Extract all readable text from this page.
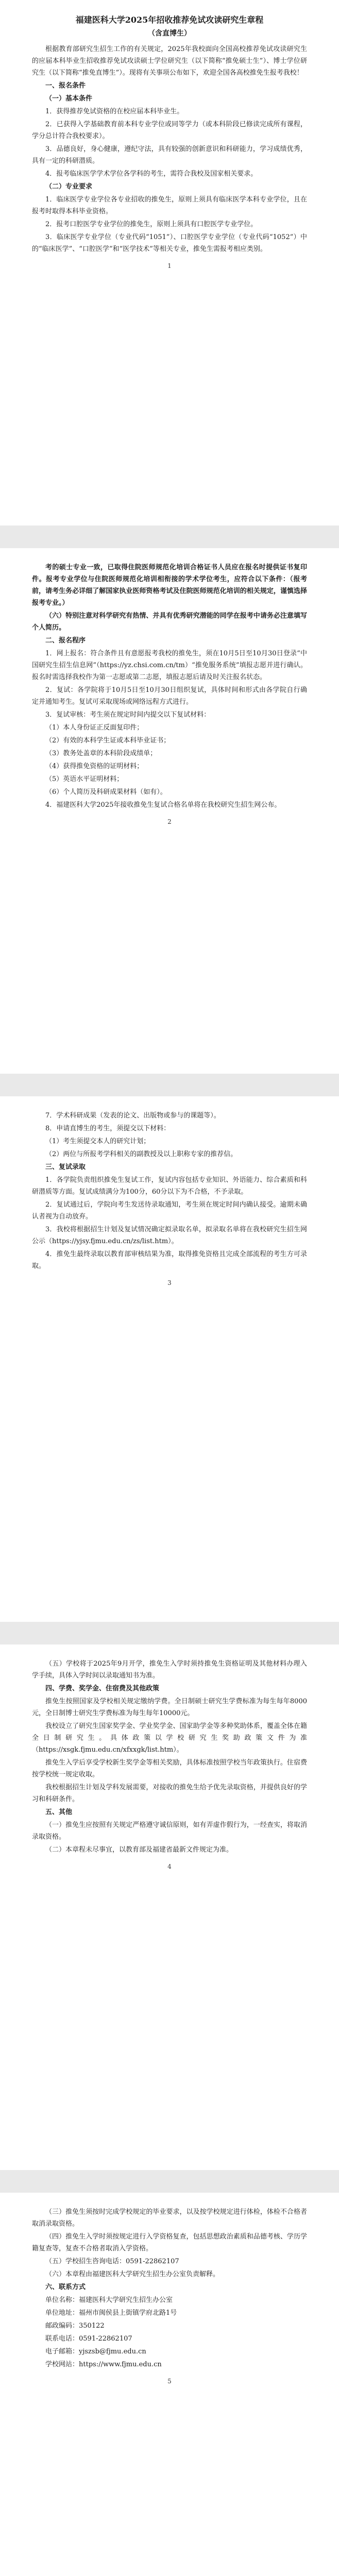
福建医科大学2025年招收推荐免试攻读研究生章程
（含直博生）

根据教育部研究生招生工作的有关规定，2025年我校面向全国高校推荐免试攻读研究生的应届本科毕业生招收推荐免试攻读硕士学位研究生（以下简称“推免硕士生”）、博士学位研究生（以下简称“推免直博生”）。现将有关事项公布如下，欢迎全国各高校推免生报考我校！

一、报名条件
（一）基本条件

1．获得推荐免试资格的在校应届本科毕业生。

2．已获得入学基础教育前本科专业学位或同等学力（或本科阶段已修读完成所有课程，学分总计符合我校要求）。

3．品德良好，身心健康，遵纪守法，具有较强的创新意识和科研能力，学习成绩优秀，具有一定的科研潜质。

4．报考临床医学学术学位各学科的考生，需符合我校及国家相关要求。

（二）专业要求

1．临床医学专业学位各专业招收的推免生，原则上须具有临床医学本科专业学位，且在报考时取得本科毕业资格。

2．报考口腔医学专业学位的推免生，原则上须具有口腔医学专业学位。

3．临床医学专业学位（专业代码“1051”）、口腔医学专业学位（专业代码“1052”）中的“临床医学”、“口腔医学”和“医学技术”等相关专业，推免生需报考相应类别。

1

考的硕士专业一致，已取得住院医师规范化培训合格证书人员应在报名时提供证书复印件。报考专业学位与住院医师规范化培训相衔接的学术学位考生，应符合以下条件：（报考前，请考生务必详细了解国家执业医师资格考试及住院医师规范化培训的相关规定，谨慎选择报考专业。）

（六）特别注意对科学研究有热情、并具有优秀研究潜能的同学在报考中请务必注意填写个人简历。

二、报名程序

1．网上报名：符合条件且有意愿报考我校的推免生，须在10月5日至10月30日登录“中国研究生招生信息网”（https://yz.chsi.com.cn/tm）“推免服务系统”填报志愿并进行确认。报名时需选择我校作为第一志愿或第二志愿，填报志愿后请及时关注报名状态。

2．复试：各学院将于10月5日至10月30日组织复试，具体时间和形式由各学院自行确定并通知考生。复试可采取现场或网络远程方式进行。

3．复试审核：考生须在规定时间内提交以下复试材料：

（1）本人身份证正反面复印件；

（2）有效的本科学生证或本科毕业证书；

（3）教务处盖章的本科阶段成绩单；

（4）获得推免资格的证明材料；

（5）英语水平证明材料；

（6）个人简历及科研成果材料（如有）。

4．福建医科大学2025年接收推免生复试合格名单将在我校研究生招生网公布。

2

7．学术科研成果（发表的论文、出版物或参与的课题等）。

8．申请直博生的考生，须提交以下材料：

（1）考生须提交本人的研究计划；

（2）两位与所报考学科相关的副教授及以上职称专家的推荐信。

三、复试录取

1．各学院负责组织推免生复试工作，复试内容包括专业知识、外语能力、综合素质和科研潜质等方面。复试成绩满分为100分，60分以下为不合格，不予录取。

2．复试通过后，学院向考生发送待录取通知，考生须在规定时间内确认接受。逾期未确认者视为自动放弃。

3．我校将根据招生计划及复试情况确定拟录取名单，拟录取名单将在我校研究生招生网公示（https://yjsy.fjmu.edu.cn/zs/list.htm）。

4．推免生最终录取以教育部审核结果为准，取得推免资格且完成全部流程的考生方可录取。

3

（五）学校将于2025年9月开学，推免生入学时须持推免生资格证明及其他材料办理入学手续，具体入学时间以录取通知书为准。

四、学费、奖学金、住宿费及其他政策

推免生按照国家及学校相关规定缴纳学费。全日制硕士研究生学费标准为每生每年8000元，全日制博士研究生学费标准为每生每年10000元。

我校设立了研究生国家奖学金、学业奖学金、国家助学金等多种奖助体系，覆盖全体在籍全日制研究生。具体政策以学校研究生奖助政策文件为准（https://xsgk.fjmu.edu.cn/xfxxgk/list.htm）。

推免生入学后享受学校新生奖学金等相关奖励，具体标准按照学校当年政策执行。住宿费按学校统一规定收取。

我校根据招生计划及学科发展需要，对接收的推免生给予优先录取资格，并提供良好的学习和科研条件。

五、其他

（一）推免生应按照有关规定严格遵守诚信原则，如有弄虚作假行为，一经查实，将取消录取资格。

（二）本章程未尽事宜，以教育部及福建省最新文件规定为准。

4

（三）推免生须按时完成学校规定的毕业要求，以及按学校规定进行体检，体检不合格者取消录取资格。

（四）推免生入学时须按规定进行入学资格复查，包括思想政治素质和品德考核、学历学籍复查等，复查不合格者取消入学资格。

（五）学校招生咨询电话：0591-22862107

（六）本章程由福建医科大学研究生招生办公室负责解释。

六、联系方式

单位名称：福建医科大学研究生招生办公室

单位地址：福州市闽侯县上街镇学府北路1号

邮政编码：350122

联系电话：0591-22862107

电子邮箱：yjszsb@fjmu.edu.cn

学校网站：https://www.fjmu.edu.cn

5
